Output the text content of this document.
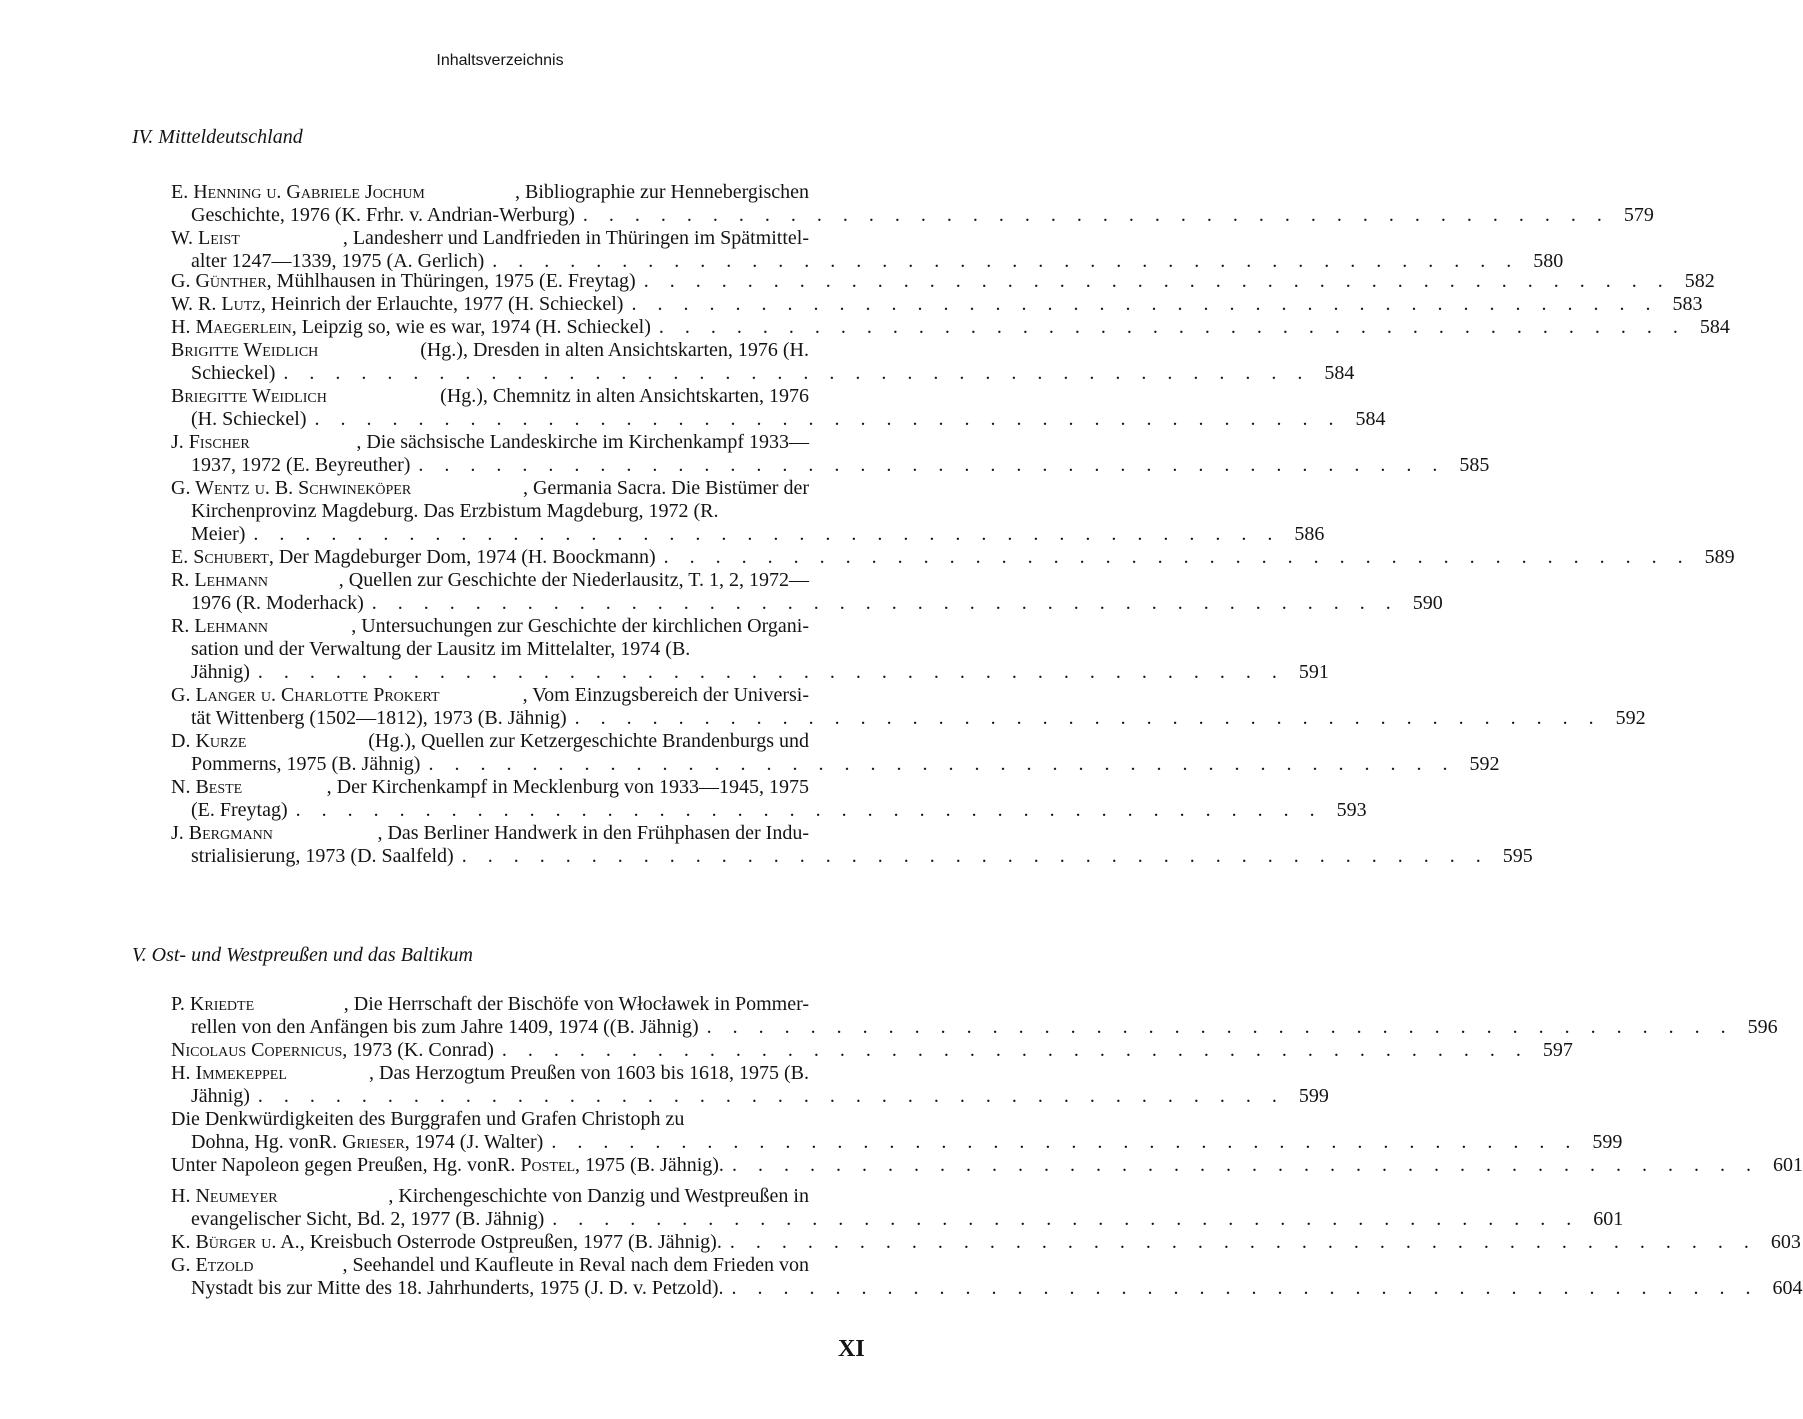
Inhaltsverzeichnis
IV. Mitteldeutschland
E. Henning u. Gabriele Jochum	, Bibliographie zur Hennebergischen
Geschichte, 1976 (K. Frhr. v. Andrian-Werburg) . . . . . . . . . . . . . . . . . . . . . . . . . . . . . . . . . . . . . . . . 579
W. Leist	, Landesherr und Landfrieden in Thüringen im Spätmittel-
alter 1247—1339, 1975 (A. Gerlich) . . . . . . . . . . . . . . . . . . . . . . . . . . . . . . . . . . . . . . . . 580
G. Günther , Mühlhausen in Thüringen, 1975 (E. Freytag) . . . . . . . . . . . . . . . . . . . . . . . . . . . . . . . . . . . . . . . . 582
W. R. Lutz , Heinrich der Erlauchte, 1977 (H. Schieckel) . . . . . . . . . . . . . . . . . . . . . . . . . . . . . . . . . . . . . . . . 583
H. Maegerlein , Leipzig so, wie es war, 1974 (H. Schieckel) . . . . . . . . . . . . . . . . . . . . . . . . . . . . . . . . . . . . . . . . 584
Brigitte Weidlich	(Hg.), Dresden in alten Ansichtskarten, 1976 (H.
Schieckel) . . . . . . . . . . . . . . . . . . . . . . . . . . . . . . . . . . . . . . . . 584
Briegitte Weidlich	(Hg.), Chemnitz in alten Ansichtskarten, 1976
(H. Schieckel) . . . . . . . . . . . . . . . . . . . . . . . . . . . . . . . . . . . . . . . . 584
J. Fischer	, Die sächsische Landeskirche im Kirchenkampf 1933—
1937, 1972 (E. Beyreuther) . . . . . . . . . . . . . . . . . . . . . . . . . . . . . . . . . . . . . . . . 585
G. Wentz u. B. Schwineköper	, Germania Sacra. Die Bistümer der
Kirchenprovinz Magdeburg. Das Erzbistum Magdeburg, 1972 (R.
Meier) . . . . . . . . . . . . . . . . . . . . . . . . . . . . . . . . . . . . . . . . 586
E. Schubert , Der Magdeburger Dom, 1974 (H. Boockmann) . . . . . . . . . . . . . . . . . . . . . . . . . . . . . . . . . . . . . . . . 589
R. Lehmann	, Quellen zur Geschichte der Niederlausitz, T. 1, 2, 1972—
1976 (R. Moderhack) . . . . . . . . . . . . . . . . . . . . . . . . . . . . . . . . . . . . . . . . 590
R. Lehmann	, Untersuchungen zur Geschichte der kirchlichen Organi-
sation und der Verwaltung der Lausitz im Mittelalter, 1974 (B.
Jähnig) . . . . . . . . . . . . . . . . . . . . . . . . . . . . . . . . . . . . . . . . 591
G. Langer u. Charlotte Prokert	, Vom Einzugsbereich der Universi-
tät Wittenberg (1502—1812), 1973 (B. Jähnig) . . . . . . . . . . . . . . . . . . . . . . . . . . . . . . . . . . . . . . . . 592
D. Kurze	(Hg.), Quellen zur Ketzergeschichte Brandenburgs und
Pommerns, 1975 (B. Jähnig) . . . . . . . . . . . . . . . . . . . . . . . . . . . . . . . . . . . . . . . . 592
N. Beste	, Der Kirchenkampf in Mecklenburg von 1933—1945, 1975
(E. Freytag) . . . . . . . . . . . . . . . . . . . . . . . . . . . . . . . . . . . . . . . . 593
J. Bergmann	, Das Berliner Handwerk in den Frühphasen der Indu-
strialisierung, 1973 (D. Saalfeld) . . . . . . . . . . . . . . . . . . . . . . . . . . . . . . . . . . . . . . . . 595
P. Kriedte	, Die Herrschaft der Bischöfe von Włocławek in Pommer-
rellen von den Anfängen bis zum Jahre 1409, 1974 ((B. Jähnig) . . . . . . . . . . . . . . . . . . . . . . . . . . . . . . . . . . . . . . . . 596
Nicolaus Copernicus , 1973 (K. Conrad) . . . . . . . . . . . . . . . . . . . . . . . . . . . . . . . . . . . . . . . . 597
H. Immekeppel	, Das Herzogtum Preußen von 1603 bis 1618, 1975 (B.
Jähnig) . . . . . . . . . . . . . . . . . . . . . . . . . . . . . . . . . . . . . . . . 599
Die Denkwürdigkeiten des Burggrafen und Grafen Christoph zu
Dohna, Hg. von R. Grieser , 1974 (J. Walter) . . . . . . . . . . . . . . . . . . . . . . . . . . . . . . . . . . . . . . . . 599
Unter Napoleon gegen Preußen, Hg. von R. Postel , 1975 (B. Jähnig). . . . . . . . . . . . . . . . . . . . . . . . . . . . . . . . . . . . . . . . . 601
H. Neumeyer	, Kirchengeschichte von Danzig und Westpreußen in
evangelischer Sicht, Bd. 2, 1977 (B. Jähnig) . . . . . . . . . . . . . . . . . . . . . . . . . . . . . . . . . . . . . . . . 601
K. Bürger u. A. , Kreisbuch Osterrode Ostpreußen, 1977 (B. Jähnig). . . . . . . . . . . . . . . . . . . . . . . . . . . . . . . . . . . . . . . . . 603
G. Etzold	, Seehandel und Kaufleute in Reval nach dem Frieden von
Nystadt bis zur Mitte des 18. Jahrhunderts, 1975 (J. D. v. Petzold). . . . . . . . . . . . . . . . . . . . . . . . . . . . . . . . . . . . . . . . . 604
V. Ost- und Westpreußen und das Baltikum
XI
